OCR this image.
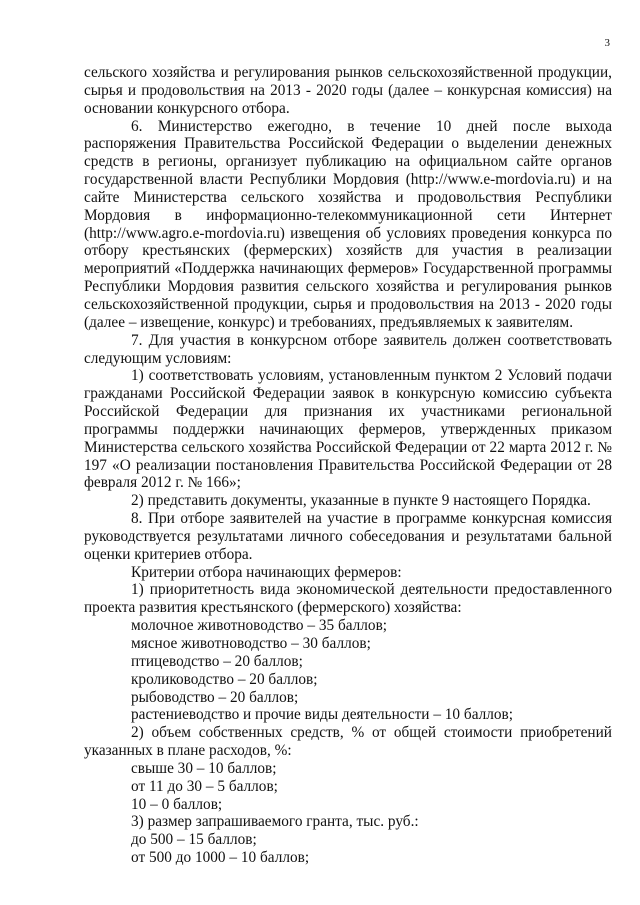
3

сельского хозяйства и регулирования рынков сельскохозяйственной продукции, сырья и продовольствия на 2013 - 2020 годы (далее – конкурсная комиссия) на основании конкурсного отбора.

6. Министерство ежегодно, в течение 10 дней после выхода распоряжения Правительства Российской Федерации о выделении денежных средств в регионы, организует публикацию на официальном сайте органов государственной власти Республики Мордовия (http://www.e-mordovia.ru) и на сайте Министерства сельского хозяйства и продовольствия Республики Мордовия в информационно-телекоммуникационной сети Интернет (http://www.agro.e-mordovia.ru) извещения об условиях проведения конкурса по отбору крестьянских (фермерских) хозяйств для участия в реализации мероприятий «Поддержка начинающих фермеров» Государственной программы Республики Мордовия развития сельского хозяйства и регулирования рынков сельскохозяйственной продукции, сырья и продовольствия на 2013 - 2020 годы (далее – извещение, конкурс) и требованиях, предъявляемых к заявителям.

7. Для участия в конкурсном отборе заявитель должен соответствовать следующим условиям:

1) соответствовать условиям, установленным пунктом 2 Условий подачи гражданами Российской Федерации заявок в конкурсную комиссию субъекта Российской Федерации для признания их участниками региональной программы поддержки начинающих фермеров, утвержденных приказом Министерства сельского хозяйства Российской Федерации от 22 марта 2012 г. № 197 «О реализации постановления Правительства Российской Федерации от 28 февраля 2012 г. № 166»;

2) представить документы, указанные в пункте 9 настоящего Порядка.

8. При отборе заявителей на участие в программе конкурсная комиссия руководствуется результатами личного собеседования и результатами бальной оценки критериев отбора.

Критерии отбора начинающих фермеров:

1) приоритетность вида экономической деятельности предоставленного проекта развития крестьянского (фермерского) хозяйства:

молочное животноводство – 35 баллов;
мясное животноводство – 30 баллов;
птицеводство – 20 баллов;
кролиководство – 20 баллов;
рыбоводство – 20 баллов;
растениеводство и прочие виды деятельности – 10 баллов;

2) объем собственных средств, % от общей стоимости приобретений указанных в плане расходов, %:

свыше 30 – 10 баллов;
от 11 до 30 – 5 баллов;
10 – 0 баллов;

3) размер запрашиваемого гранта, тыс. руб.:

до 500 – 15 баллов;
от 500 до 1000 – 10 баллов;
